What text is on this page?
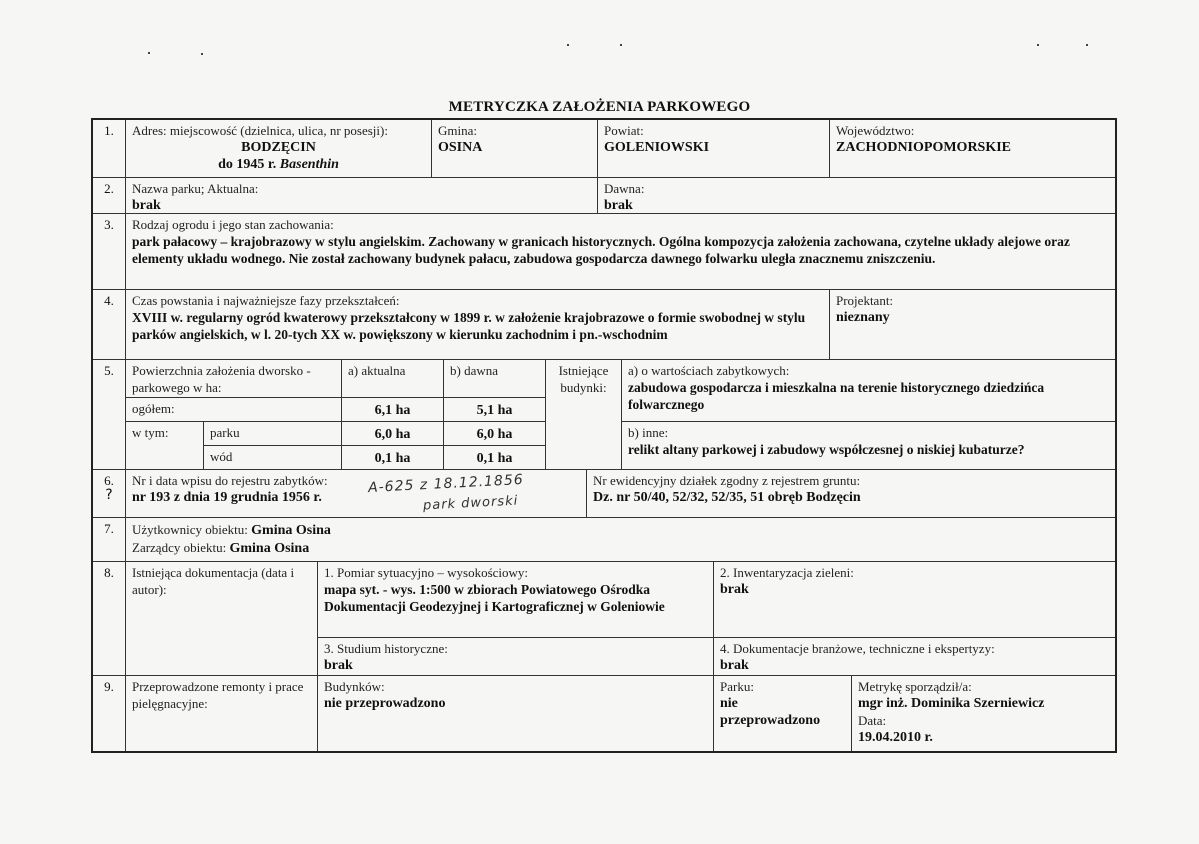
METRYCZKA ZAŁOŻENIA PARKOWEGO
1.	Adres: miejscowość (dzielnica, ulica, nr posesji):
BODZĘCIN
do 1945 r. Basenthin
Gmina:
OSINA
Powiat:
GOLENIOWSKI
Województwo:
ZACHODNIOPOMORSKIE
2.	Nazwa parku; Aktualna:
brak
Dawna:
brak
3.	Rodzaj ogrodu i jego stan zachowania:
park pałacowy – krajobrazowy w stylu angielskim. Zachowany w granicach historycznych. Ogólna kompozycja założenia zachowana, czytelne układy alejowe oraz elementy układu wodnego. Nie został zachowany budynek pałacu, zabudowa gospodarcza dawnego folwarku uległa znacznemu zniszczeniu.
4.	Czas powstania i najważniejsze fazy przekształceń:
XVIII w. regularny ogród kwaterowy przekształcony w 1899 r. w założenie krajobrazowe o formie swobodnej w stylu parków angielskich, w l. 20-tych XX w. powiększony w kierunku zachodnim i pn.-wschodnim
Projektant:
nieznany
5.	Powierzchnia założenia dworsko - parkowego w ha:
a) aktualna	b) dawna
ogółem:	6,1 ha	5,1 ha
w tym:	parku	6,0 ha	6,0 ha
wód	0,1 ha	0,1 ha
Istniejące budynki:
a) o wartościach zabytkowych:
zabudowa gospodarcza i mieszkalna na terenie historycznego dziedzińca folwarcznego
b) inne:
relikt altany parkowej i zabudowy współczesnej o niskiej kubaturze?
6.
?
Nr i data wpisu do rejestru zabytków:
nr 193 z dnia 19 grudnia 1956 r.
A-625 z 18.12.1856
park dworski
Nr ewidencyjny działek zgodny z rejestrem gruntu:
Dz. nr 50/40, 52/32, 52/35, 51 obręb Bodzęcin
7.	Użytkownicy obiektu: Gmina Osina
Zarządcy obiektu: Gmina Osina
8.	Istniejąca dokumentacja (data i autor):
1. Pomiar sytuacyjno – wysokościowy:
mapa syt. - wys. 1:500 w zbiorach Powiatowego Ośrodka Dokumentacji Geodezyjnej i Kartograficznej w Goleniowie
2. Inwentaryzacja zieleni:
brak
3. Studium historyczne:
brak
4. Dokumentacje branżowe, techniczne i ekspertyzy:
brak
9.	Przeprowadzone remonty i prace pielęgnacyjne:
Budynków:
nie przeprowadzono
Parku:
nie przeprowadzono
Metrykę sporządził/a:
mgr inż. Dominika Szerniewicz
Data:
19.04.2010 r.
